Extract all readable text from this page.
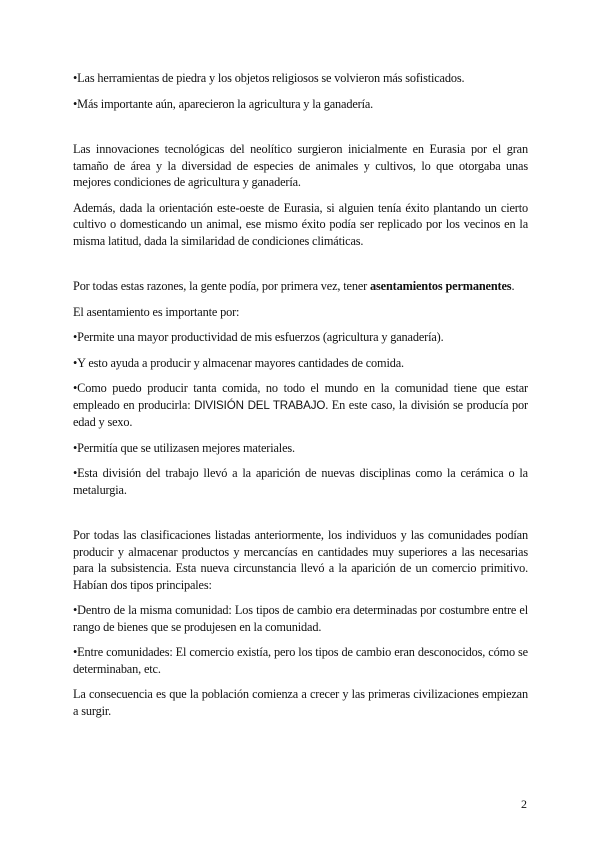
•Las herramientas de piedra y los objetos religiosos se volvieron más sofisticados.

•Más importante aún, aparecieron la agricultura y la ganadería.

Las innovaciones tecnológicas del neolítico surgieron inicialmente en Eurasia por el gran tamaño de área y la diversidad de especies de animales y cultivos, lo que otorgaba unas mejores condiciones de agricultura y ganadería.

Además, dada la orientación este-oeste de Eurasia, si alguien tenía éxito plantando un cierto cultivo o domesticando un animal, ese mismo éxito podía ser replicado por los vecinos en la misma latitud, dada la similaridad de condiciones climáticas.

Por todas estas razones, la gente podía, por primera vez, tener asentamientos permanentes.

El asentamiento es importante por:

•Permite una mayor productividad de mis esfuerzos (agricultura y ganadería).

•Y esto ayuda a producir y almacenar mayores cantidades de comida.

•Como puedo producir tanta comida, no todo el mundo en la comunidad tiene que estar empleado en producirla: DIVISIÓN DEL TRABAJO. En este caso, la división se producía por edad y sexo.

•Permitía que se utilizasen mejores materiales.

•Esta división del trabajo llevó a la aparición de nuevas disciplinas como la cerámica o la metalurgia.

Por todas las clasificaciones listadas anteriormente, los individuos y las comunidades podían producir y almacenar productos y mercancías en cantidades muy superiores a las necesarias para la subsistencia. Esta nueva circunstancia llevó a la aparición de un comercio primitivo. Habían dos tipos principales:

•Dentro de la misma comunidad: Los tipos de cambio era determinadas por costumbre entre el rango de bienes que se produjesen en la comunidad.

•Entre comunidades: El comercio existía, pero los tipos de cambio eran desconocidos, cómo se determinaban, etc.

La consecuencia es que la población comienza a crecer y las primeras civilizaciones empiezan a surgir.

2
